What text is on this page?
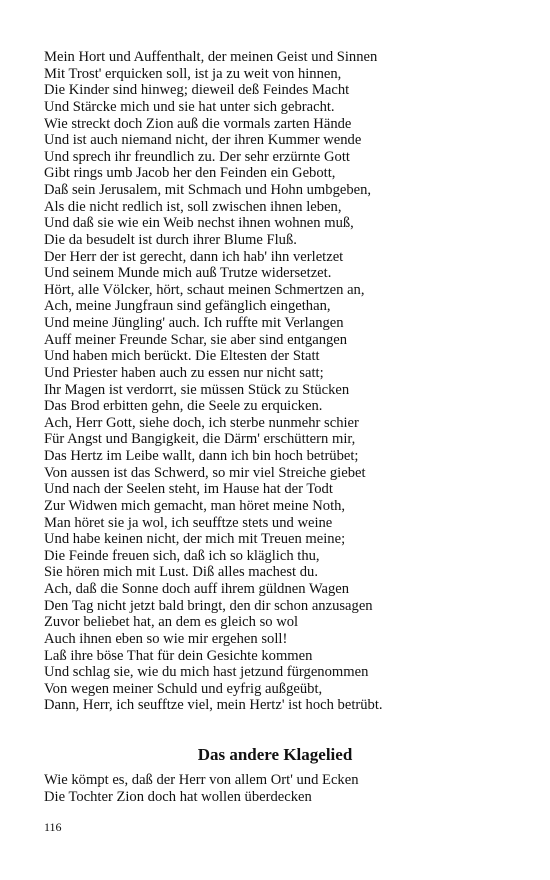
Mein Hort und Auffenthalt, der meinen Geist und Sinnen
Mit Trost' erquicken soll, ist ja zu weit von hinnen,
Die Kinder sind hinweg; dieweil deß Feindes Macht
Und Stärcke mich und sie hat unter sich gebracht.
Wie streckt doch Zion auß die vormals zarten Hände
Und ist auch niemand nicht, der ihren Kummer wende
Und sprech ihr freundlich zu. Der sehr erzürnte Gott
Gibt rings umb Jacob her den Feinden ein Gebott,
Daß sein Jerusalem, mit Schmach und Hohn umbgeben,
Als die nicht redlich ist, soll zwischen ihnen leben,
Und daß sie wie ein Weib nechst ihnen wohnen muß,
Die da besudelt ist durch ihrer Blume Fluß.
Der Herr der ist gerecht, dann ich hab' ihn verletzet
Und seinem Munde mich auß Trutze widersetzet.
Hört, alle Völcker, hört, schaut meinen Schmertzen an,
Ach, meine Jungfraun sind gefänglich eingethan,
Und meine Jüngling' auch. Ich ruffte mit Verlangen
Auff meiner Freunde Schar, sie aber sind entgangen
Und haben mich berückt. Die Eltesten der Statt
Und Priester haben auch zu essen nur nicht satt;
Ihr Magen ist verdorrt, sie müssen Stück zu Stücken
Das Brod erbitten gehn, die Seele zu erquicken.
Ach, Herr Gott, siehe doch, ich sterbe nunmehr schier
Für Angst und Bangigkeit, die Därm' erschüttern mir,
Das Hertz im Leibe wallt, dann ich bin hoch betrübet;
Von aussen ist das Schwerd, so mir viel Streiche giebet
Und nach der Seelen steht, im Hause hat der Todt
Zur Widwen mich gemacht, man höret meine Noth,
Man höret sie ja wol, ich seufftze stets und weine
Und habe keinen nicht, der mich mit Treuen meine;
Die Feinde freuen sich, daß ich so kläglich thu,
Sie hören mich mit Lust. Diß alles machest du.
Ach, daß die Sonne doch auff ihrem güldnen Wagen
Den Tag nicht jetzt bald bringt, den dir schon anzusagen
Zuvor beliebet hat, an dem es gleich so wol
Auch ihnen eben so wie mir ergehen soll!
Laß ihre böse That für dein Gesichte kommen
Und schlag sie, wie du mich hast jetzund fürgenommen
Von wegen meiner Schuld und eyfrig außgeübt,
Dann, Herr, ich seufftze viel, mein Hertz' ist hoch betrübt.
Das andere Klagelied
Wie kömpt es, daß der Herr von allem Ort' und Ecken
Die Tochter Zion doch hat wollen überdecken
116
